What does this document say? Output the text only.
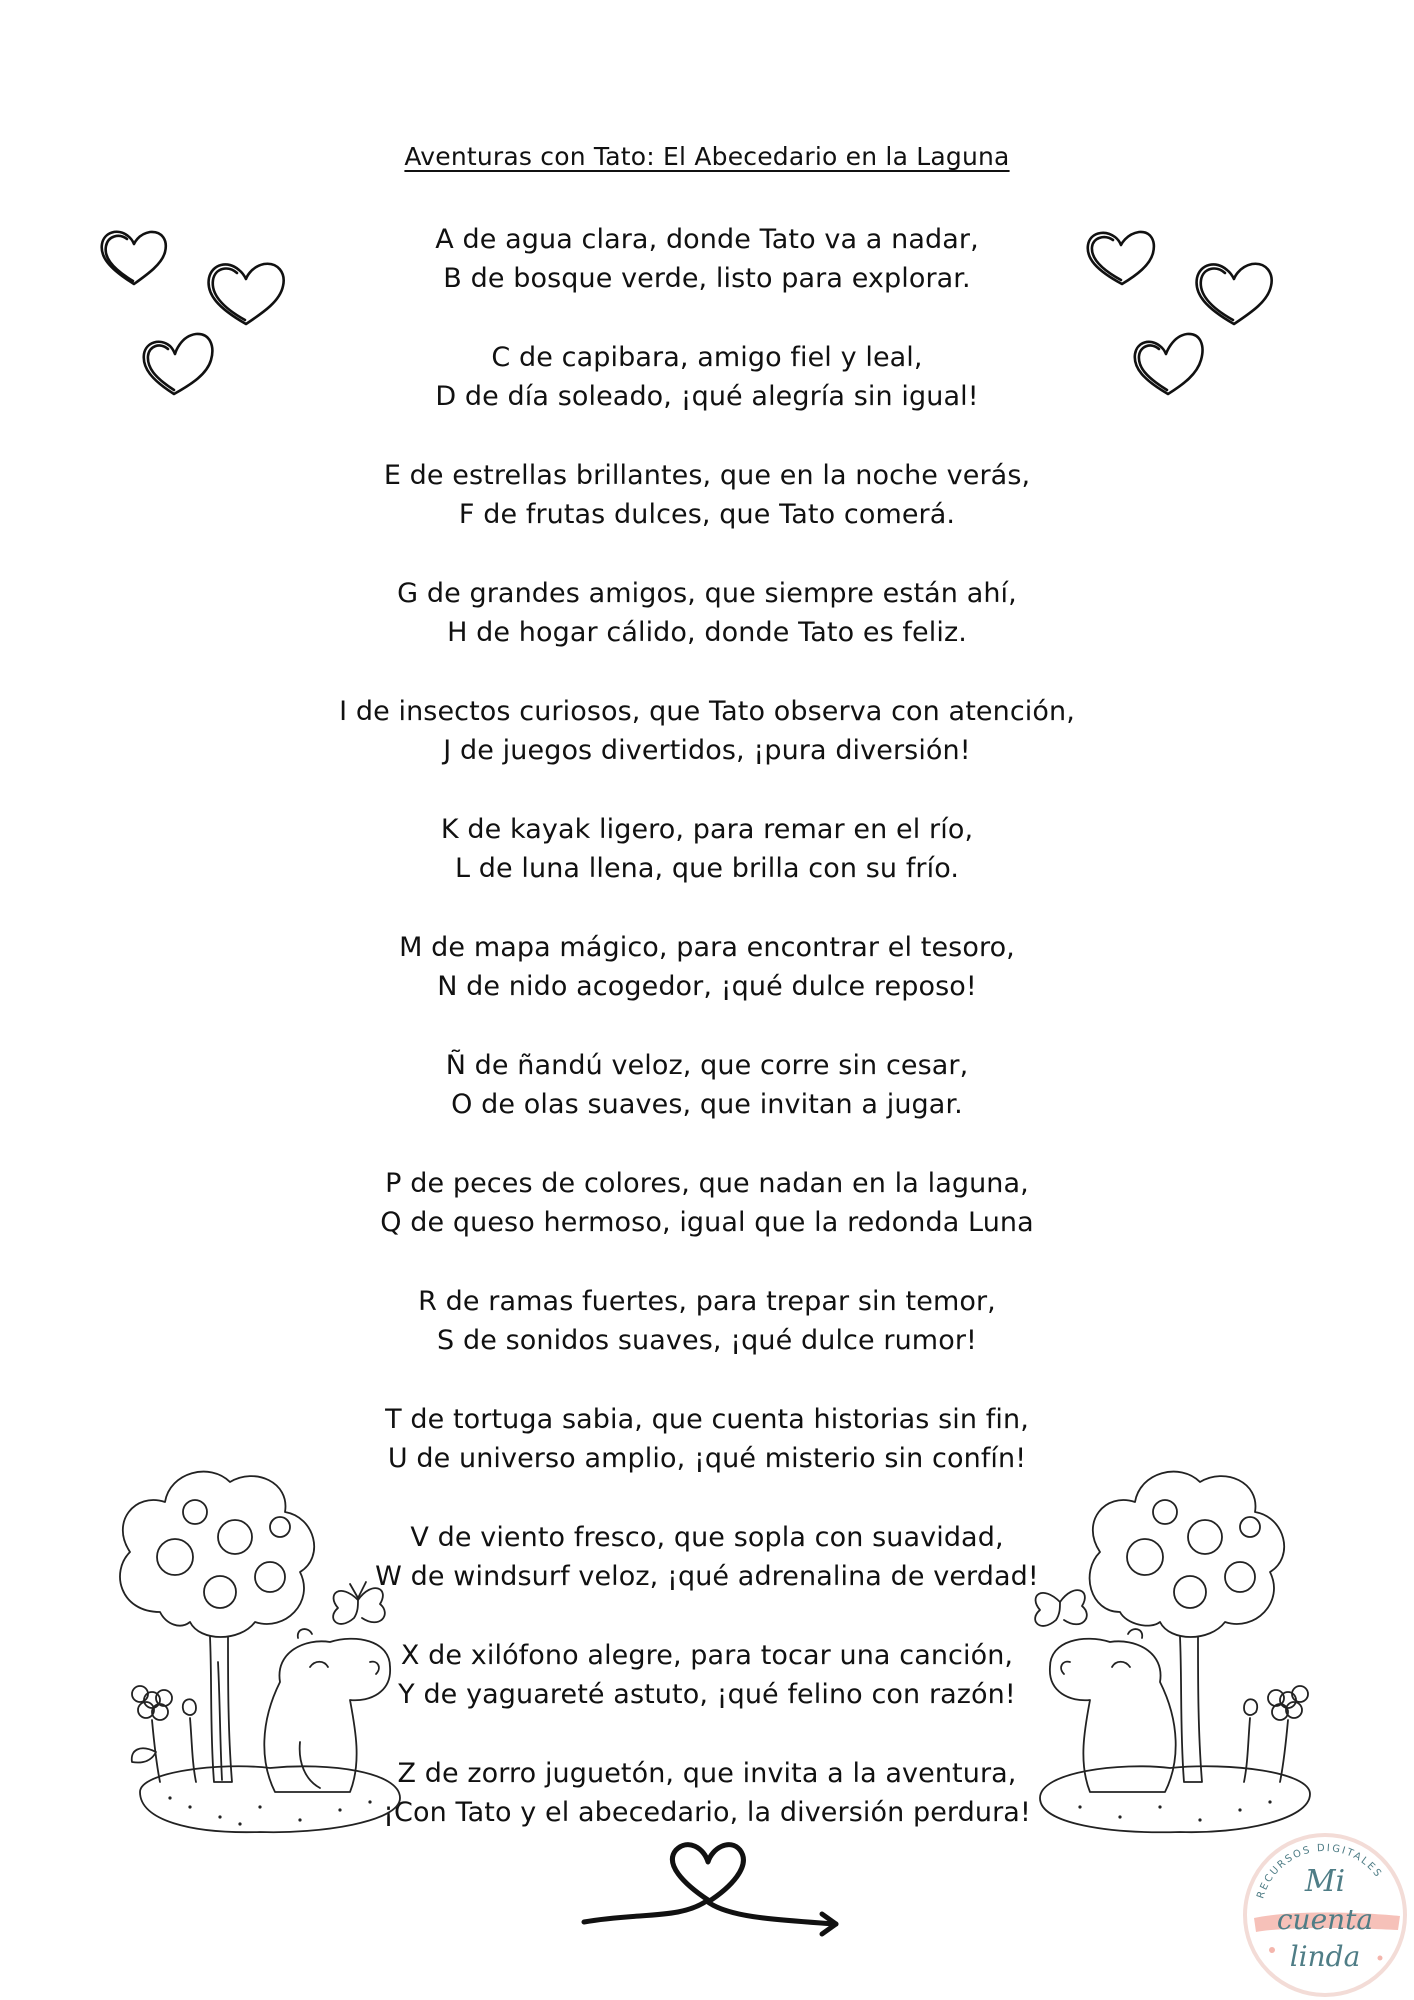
Aventuras con Tato: El Abecedario en la Laguna
A de agua clara, donde Tato va a nadar,
B de bosque verde, listo para explorar.
C de capibara, amigo fiel y leal,
D de día soleado, ¡qué alegría sin igual!
E de estrellas brillantes, que en la noche verás,
F de frutas dulces, que Tato comerá.
G de grandes amigos, que siempre están ahí,
H de hogar cálido, donde Tato es feliz.
I de insectos curiosos, que Tato observa con atención,
J de juegos divertidos, ¡pura diversión!
K de kayak ligero, para remar en el río,
L de luna llena, que brilla con su frío.
M de mapa mágico, para encontrar el tesoro,
N de nido acogedor, ¡qué dulce reposo!
Ñ de ñandú veloz, que corre sin cesar,
O de olas suaves, que invitan a jugar.
P de peces de colores, que nadan en la laguna,
Q de queso hermoso, igual que la redonda Luna
R de ramas fuertes, para trepar sin temor,
S de sonidos suaves, ¡qué dulce rumor!
T de tortuga sabia, que cuenta historias sin fin,
U de universo amplio, ¡qué misterio sin confín!
V de viento fresco, que sopla con suavidad,
W de windsurf veloz, ¡qué adrenalina de verdad!
X de xilófono alegre, para tocar una canción,
Y de yaguareté astuto, ¡qué felino con razón!
Z de zorro juguetón, que invita a la aventura,
¡Con Tato y el abecedario, la diversión perdura!
RECURSOS DIGITALES
Mi
cuenta
linda
